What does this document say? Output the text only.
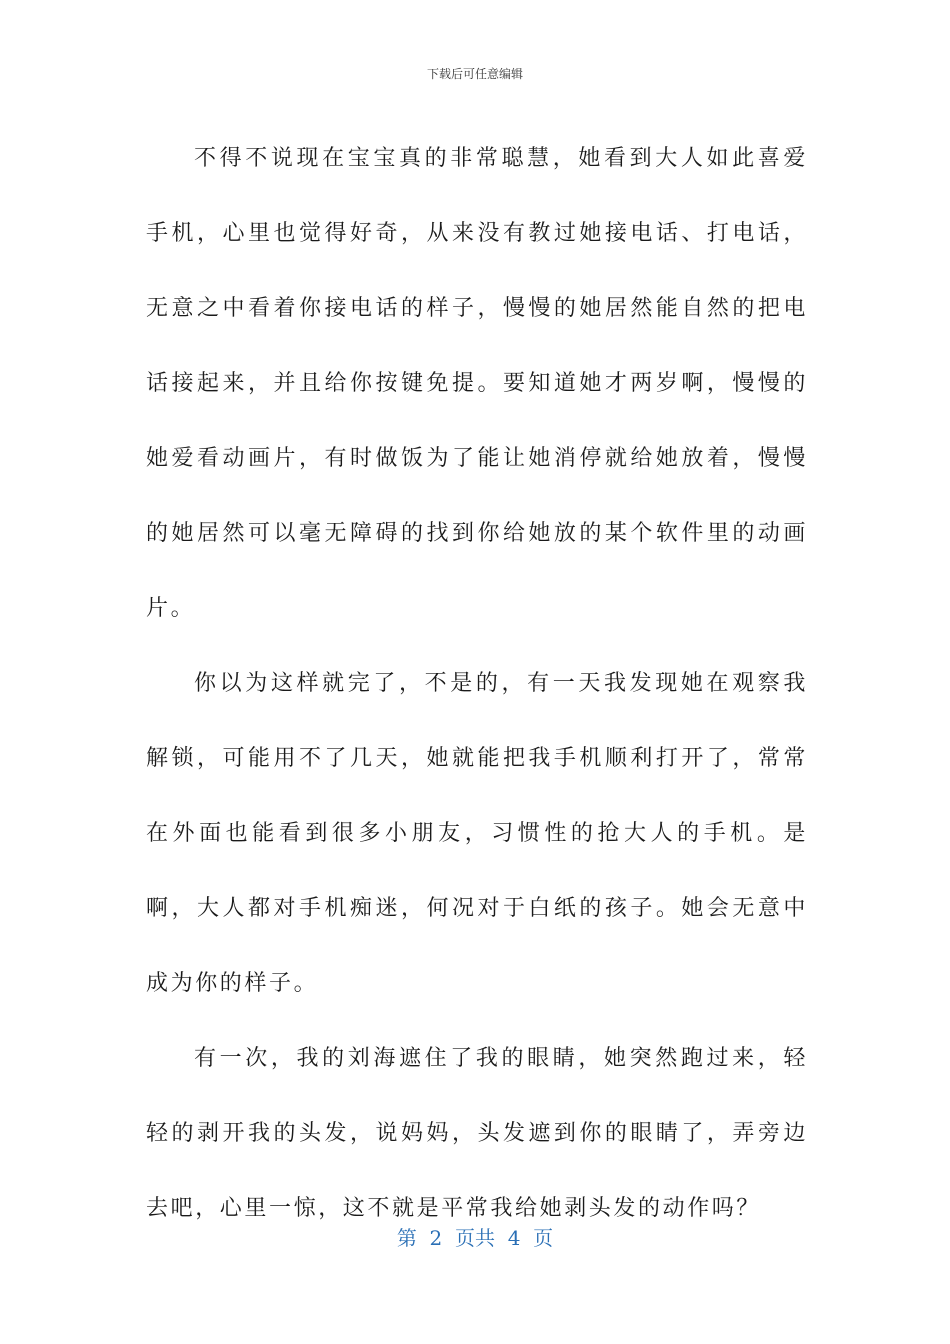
下载后可任意编辑

不得不说现在宝宝真的非常聪慧，她看到大人如此喜爱手机，心里也觉得好奇，从来没有教过她接电话、打电话，无意之中看着你接电话的样子，慢慢的她居然能自然的把电话接起来，并且给你按键免提。要知道她才两岁啊，慢慢的她爱看动画片，有时做饭为了能让她消停就给她放着，慢慢的她居然可以毫无障碍的找到你给她放的某个软件里的动画片。

你以为这样就完了，不是的，有一天我发现她在观察我解锁，可能用不了几天，她就能把我手机顺利打开了，常常在外面也能看到很多小朋友，习惯性的抢大人的手机。是啊，大人都对手机痴迷，何况对于白纸的孩子。她会无意中成为你的样子。

有一次，我的刘海遮住了我的眼睛，她突然跑过来，轻轻的剥开我的头发，说妈妈，头发遮到你的眼睛了，弄旁边去吧，心里一惊，这不就是平常我给她剥头发的动作吗？

第  2  页共  4  页
